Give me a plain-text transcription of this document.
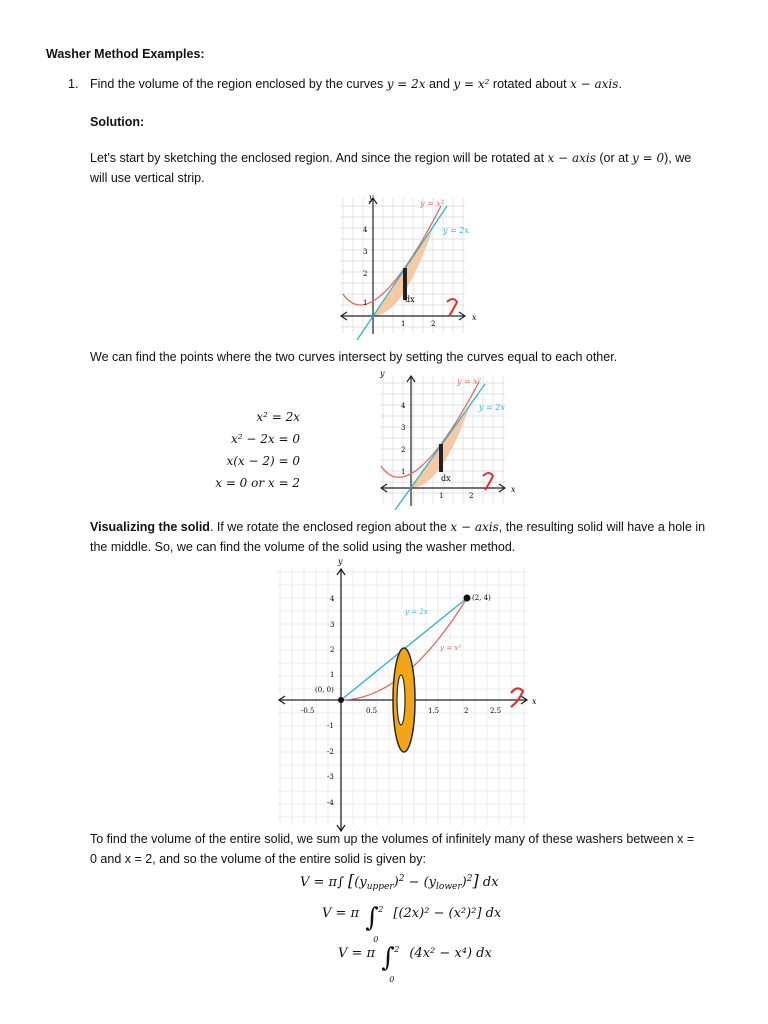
Washer Method Examples:
1. Find the volume of the region enclosed by the curves y = 2x and y = x² rotated about x − axis.
Solution:
Let's start by sketching the enclosed region. And since the region will be rotated at x − axis (or at y = 0), we
will use vertical strip.
dx
y
x
y = x²
y = 2x
1
2
3
4
1	2
We can find the points where the two curves intersect by setting the curves equal to each other.
x² = 2x
x² − 2x = 0
x(x − 2) = 0
x = 0 or x = 2	dx
y
x
y = x²
y = 2x
1
2
3
4
1	2
Visualizing the solid. If we rotate the enclosed region about the x − axis, the resulting solid will have a hole in
the middle. So, we can find the volume of the solid using the washer method.
(0, 0)
(2, 4)
y = 2x
y = x²
y
x
4
3
2
1
-1
-2
-3
-4
-0.5	0.5	1.5	2	2.5
To find the volume of the entire solid, we sum up the volumes of infinitely many of these washers between x =
0 and x = 2, and so the volume of the entire solid is given by:
V = π∫ $[(y_{upper})^2 - (y_{lower})^2]$ dx
V = π ∫ 2
0
[(2x)² − (x²)²] dx
V = π ∫ 2
0
(4x² − x⁴) dx
